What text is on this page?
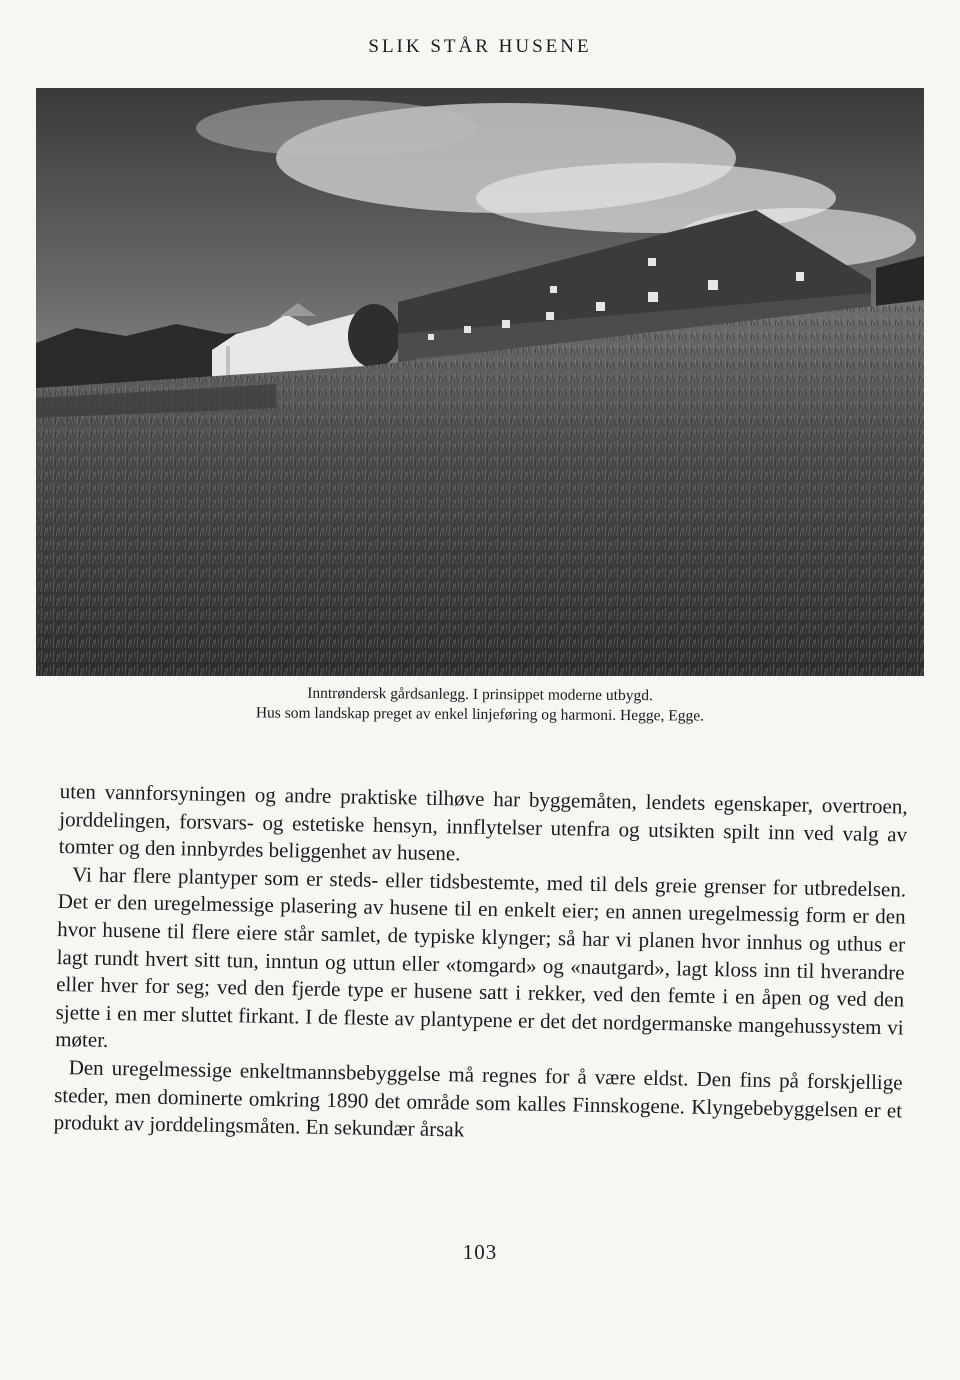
SLIK STÅR HUSENE
Inntrøndersk gårdsanlegg. I prinsippet moderne utbygd.
Hus som landskap preget av enkel linjeføring og harmoni. Hegge, Egge.

uten vannforsyningen og andre praktiske tilhøve har byggemåten, lendets egenskaper, overtroen, jorddelingen, forsvars- og estetiske hensyn, innflytelser utenfra og utsikten spilt inn ved valg av tomter og den innbyrdes beliggenhet av husene.

Vi har flere plantyper som er steds- eller tidsbestemte, med til dels greie grenser for utbredelsen. Det er den uregelmessige plasering av husene til en enkelt eier; en annen uregelmessig form er den hvor husene til flere eiere står samlet, de typiske klynger; så har vi planen hvor innhus og uthus er lagt rundt hvert sitt tun, inntun og uttun eller «tomgard» og «nautgard», lagt kloss inn til hverandre eller hver for seg; ved den fjerde type er husene satt i rekker, ved den femte i en åpen og ved den sjette i en mer sluttet firkant. I de fleste av plantypene er det det nordgermanske mangehussystem vi møter.

Den uregelmessige enkeltmannsbebyggelse må regnes for å være eldst. Den fins på forskjellige steder, men dominerte omkring 1890 det område som kalles Finnskogene. Klyngebebyggelsen er et produkt av jorddelingsmåten. En sekundær årsak

103
